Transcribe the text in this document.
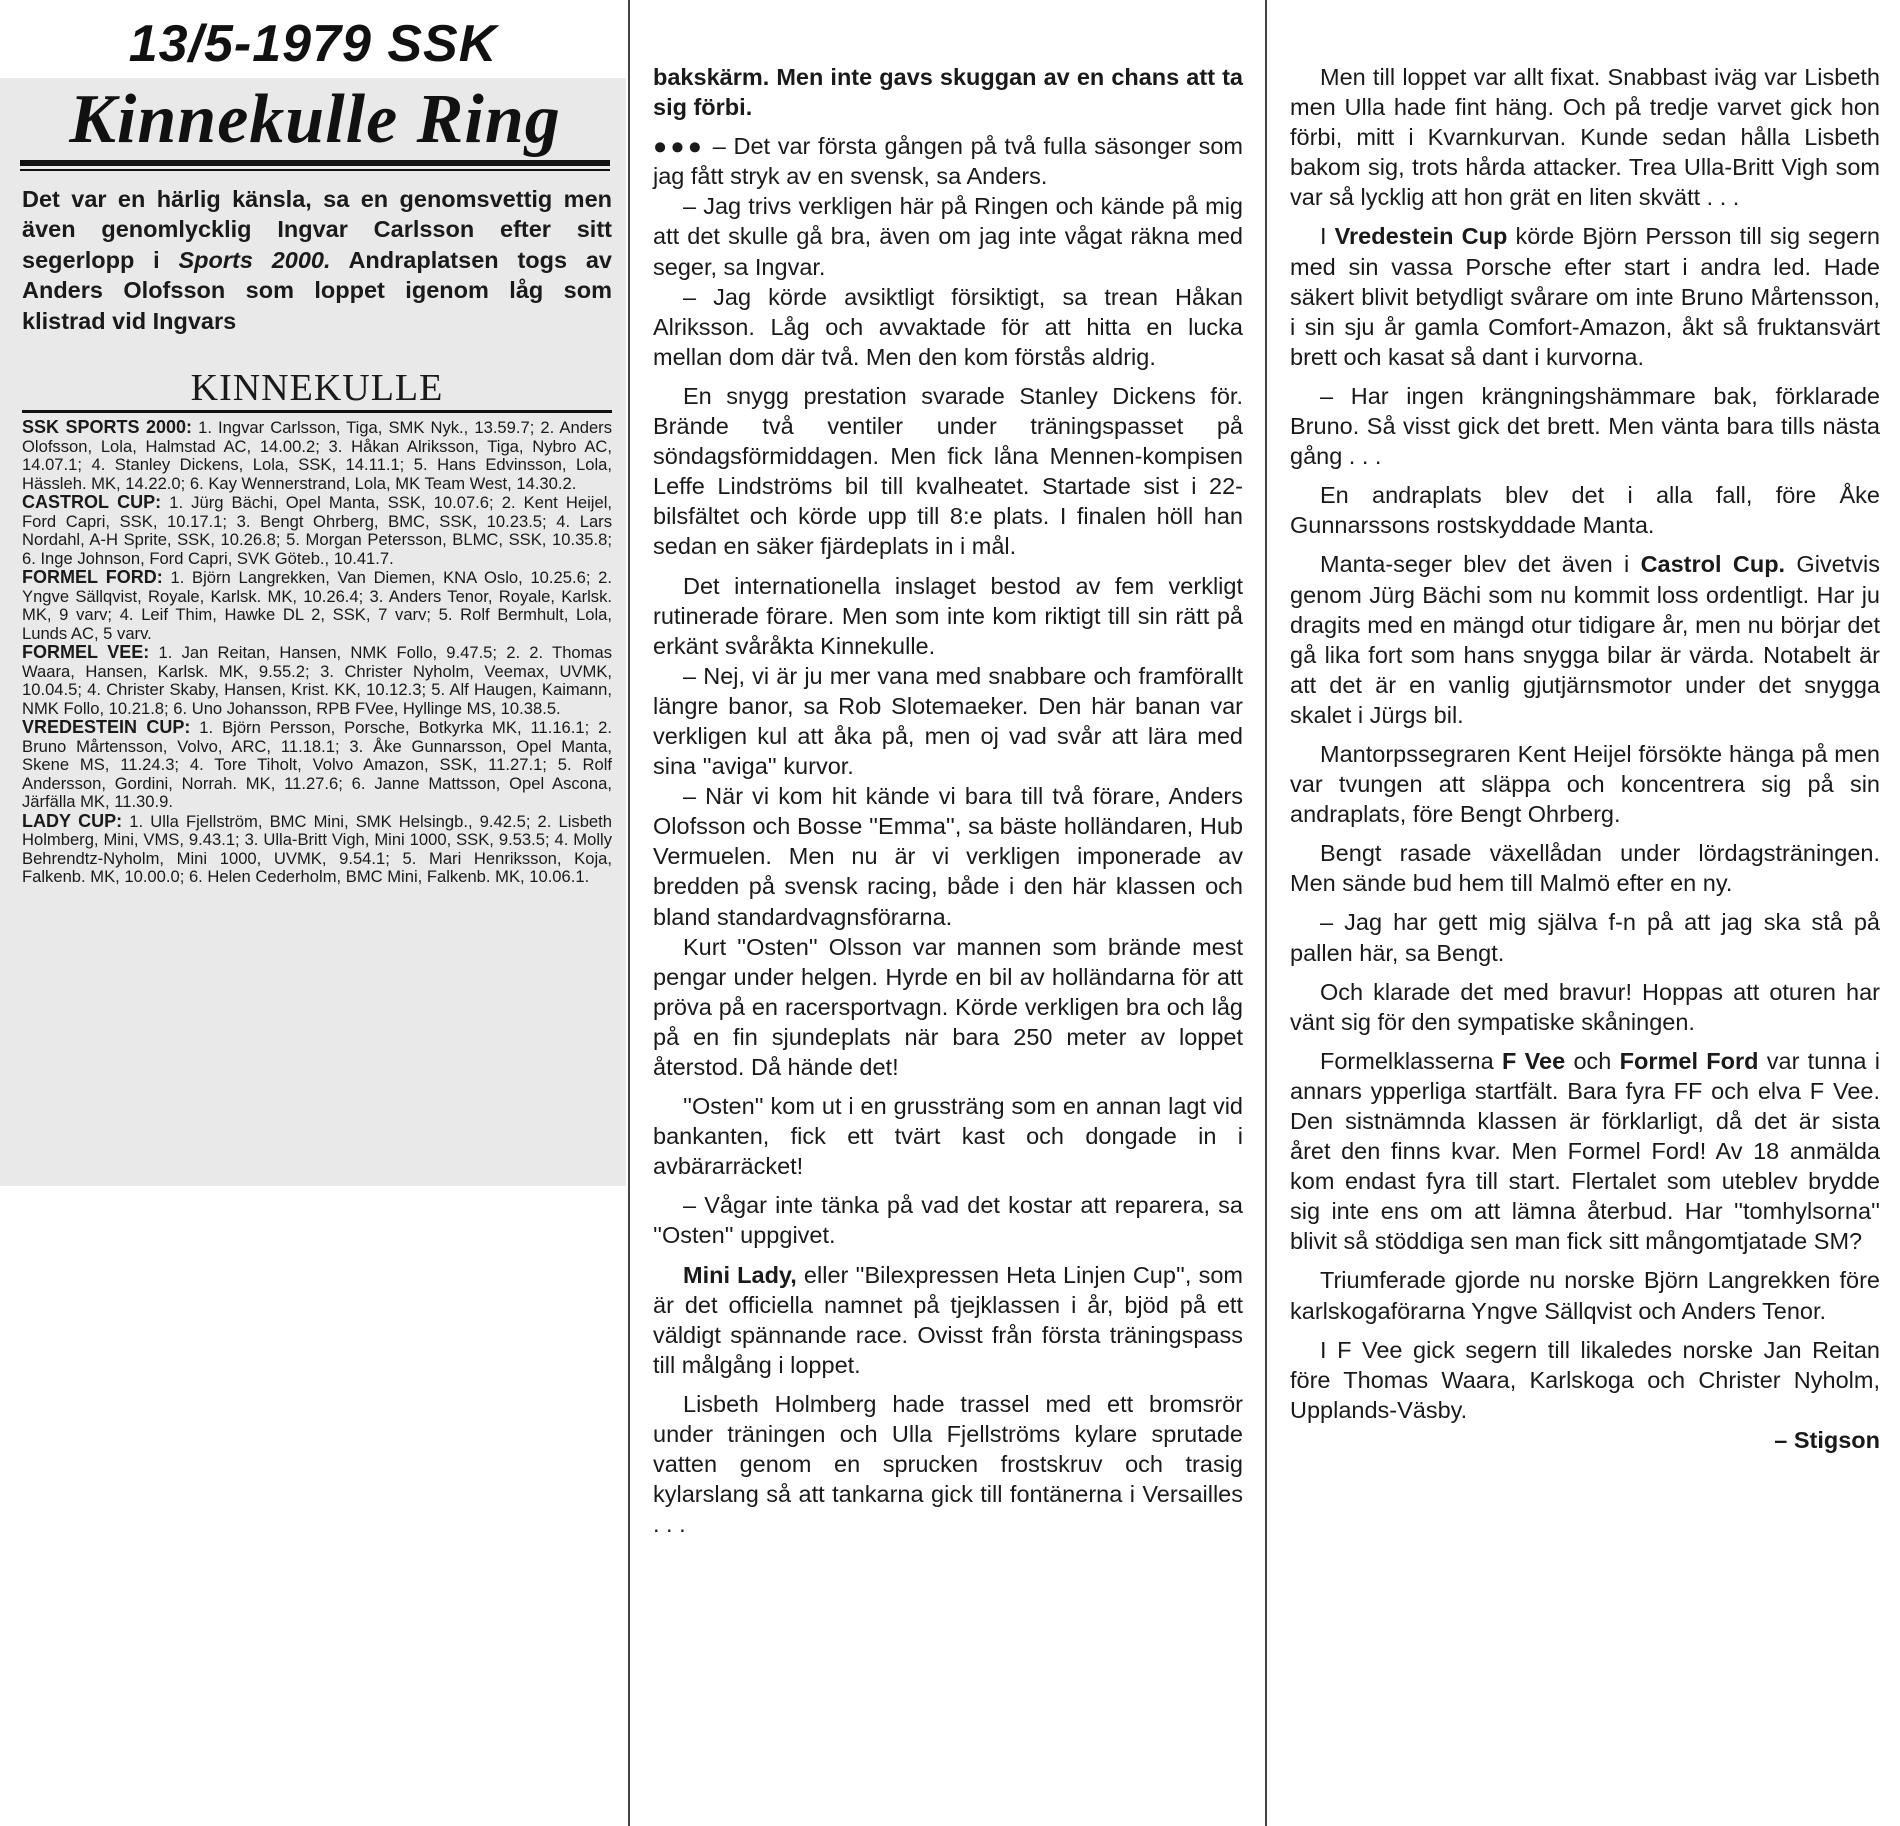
13/5-1979 SSK
Kinnekulle Ring
Det var en härlig känsla, sa en genomsvettig men även genomlycklig Ingvar Carlsson efter sitt segerlopp i Sports 2000. Andraplatsen togs av Anders Olofsson som loppet igenom låg som klistrad vid Ingvars
KINNEKULLE

SSK SPORTS 2000: 1. Ingvar Carlsson, Tiga, SMK Nyk., 13.59.7; 2. Anders Olofsson, Lola, Halmstad AC, 14.00.2; 3. Håkan Alriksson, Tiga, Nybro AC, 14.07.1; 4. Stanley Dickens, Lola, SSK, 14.11.1; 5. Hans Edvinsson, Lola, Hässleh. MK, 14.22.0; 6. Kay Wennerstrand, Lola, MK Team West, 14.30.2.

CASTROL CUP: 1. Jürg Bächi, Opel Manta, SSK, 10.07.6; 2. Kent Heijel, Ford Capri, SSK, 10.17.1; 3. Bengt Ohrberg, BMC, SSK, 10.23.5; 4. Lars Nordahl, A-H Sprite, SSK, 10.26.8; 5. Morgan Petersson, BLMC, SSK, 10.35.8; 6. Inge Johnson, Ford Capri, SVK Göteb., 10.41.7.

FORMEL FORD: 1. Björn Langrekken, Van Diemen, KNA Oslo, 10.25.6; 2. Yngve Sällqvist, Royale, Karlsk. MK, 10.26.4; 3. Anders Tenor, Royale, Karlsk. MK, 9 varv; 4. Leif Thim, Hawke DL 2, SSK, 7 varv; 5. Rolf Bermhult, Lola, Lunds AC, 5 varv.

FORMEL VEE: 1. Jan Reitan, Hansen, NMK Follo, 9.47.5; 2. 2. Thomas Waara, Hansen, Karlsk. MK, 9.55.2; 3. Christer Nyholm, Veemax, UVMK, 10.04.5; 4. Christer Skaby, Hansen, Krist. KK, 10.12.3; 5. Alf Haugen, Kaimann, NMK Follo, 10.21.8; 6. Uno Johansson, RPB FVee, Hyllinge MS, 10.38.5.

VREDESTEIN CUP: 1. Björn Persson, Porsche, Botkyrka MK, 11.16.1; 2. Bruno Mårtensson, Volvo, ARC, 11.18.1; 3. Åke Gunnarsson, Opel Manta, Skene MS, 11.24.3; 4. Tore Tiholt, Volvo Amazon, SSK, 11.27.1; 5. Rolf Andersson, Gordini, Norrah. MK, 11.27.6; 6. Janne Mattsson, Opel Ascona, Järfälla MK, 11.30.9.

LADY CUP: 1. Ulla Fjellström, BMC Mini, SMK Helsingb., 9.42.5; 2. Lisbeth Holmberg, Mini, VMS, 9.43.1; 3. Ulla-Britt Vigh, Mini 1000, SSK, 9.53.5; 4. Molly Behrendtz-Nyholm, Mini 1000, UVMK, 9.54.1; 5. Mari Henriksson, Koja, Falkenb. MK, 10.00.0; 6. Helen Cederholm, BMC Mini, Falkenb. MK, 10.06.1.

bakskärm. Men inte gavs skuggan av en chans att ta sig förbi.

●●● – Det var första gången på två fulla säsonger som jag fått stryk av en svensk, sa Anders.

– Jag trivs verkligen här på Ringen och kände på mig att det skulle gå bra, även om jag inte vågat räkna med seger, sa Ingvar.

– Jag körde avsiktligt försiktigt, sa trean Håkan Alriksson. Låg och avvaktade för att hitta en lucka mellan dom där två. Men den kom förstås aldrig.

En snygg prestation svarade Stanley Dickens för. Brände två ventiler under träningspasset på söndagsförmiddagen. Men fick låna Mennen-kompisen Leffe Lindströms bil till kvalheatet. Startade sist i 22-bilsfältet och körde upp till 8:e plats. I finalen höll han sedan en säker fjärdeplats in i mål.

Det internationella inslaget bestod av fem verkligt rutinerade förare. Men som inte kom riktigt till sin rätt på erkänt svåråkta Kinnekulle.

– Nej, vi är ju mer vana med snabbare och framförallt längre banor, sa Rob Slotemaeker. Den här banan var verkligen kul att åka på, men oj vad svår att lära med sina ''aviga'' kurvor.

– När vi kom hit kände vi bara till två förare, Anders Olofsson och Bosse ''Emma'', sa bäste holländaren, Hub Vermuelen. Men nu är vi verkligen imponerade av bredden på svensk racing, både i den här klassen och bland standardvagnsförarna.

Kurt ''Osten'' Olsson var mannen som brände mest pengar under helgen. Hyrde en bil av holländarna för att pröva på en racersportvagn. Körde verkligen bra och låg på en fin sjundeplats när bara 250 meter av loppet återstod. Då hände det!

''Osten'' kom ut i en grussträng som en annan lagt vid bankanten, fick ett tvärt kast och dongade in i avbärarräcket!

– Vågar inte tänka på vad det kostar att reparera, sa ''Osten'' uppgivet.

Mini Lady, eller ''Bilexpressen Heta Linjen Cup'', som är det officiella namnet på tjejklassen i år, bjöd på ett väldigt spännande race. Ovisst från första träningspass till målgång i loppet.

Lisbeth Holmberg hade trassel med ett bromsrör under träningen och Ulla Fjellströms kylare sprutade vatten genom en sprucken frostskruv och trasig kylarslang så att tankarna gick till fontänerna i Versailles . . .

Men till loppet var allt fixat. Snabbast iväg var Lisbeth men Ulla hade fint häng. Och på tredje varvet gick hon förbi, mitt i Kvarnkurvan. Kunde sedan hålla Lisbeth bakom sig, trots hårda attacker. Trea Ulla-Britt Vigh som var så lycklig att hon grät en liten skvätt . . .

I Vredestein Cup körde Björn Persson till sig segern med sin vassa Porsche efter start i andra led. Hade säkert blivit betydligt svårare om inte Bruno Mårtensson, i sin sju år gamla Comfort-Amazon, åkt så fruktansvärt brett och kasat så dant i kurvorna.

– Har ingen krängningshämmare bak, förklarade Bruno. Så visst gick det brett. Men vänta bara tills nästa gång . . .

En andraplats blev det i alla fall, före Åke Gunnarssons rostskyddade Manta.

Manta-seger blev det även i Castrol Cup. Givetvis genom Jürg Bächi som nu kommit loss ordentligt. Har ju dragits med en mängd otur tidigare år, men nu börjar det gå lika fort som hans snygga bilar är värda. Notabelt är att det är en vanlig gjutjärnsmotor under det snygga skalet i Jürgs bil.

Mantorpssegraren Kent Heijel försökte hänga på men var tvungen att släppa och koncentrera sig på sin andraplats, före Bengt Ohrberg.

Bengt rasade växellådan under lördagsträningen. Men sände bud hem till Malmö efter en ny.

– Jag har gett mig själva f-n på att jag ska stå på pallen här, sa Bengt.

Och klarade det med bravur! Hoppas att oturen har vänt sig för den sympatiske skåningen.

Formelklasserna F Vee och Formel Ford var tunna i annars ypperliga startfält. Bara fyra FF och elva F Vee. Den sistnämnda klassen är förklarligt, då det är sista året den finns kvar. Men Formel Ford! Av 18 anmälda kom endast fyra till start. Flertalet som uteblev brydde sig inte ens om att lämna återbud. Har ''tomhylsorna'' blivit så stöddiga sen man fick sitt mångomtjatade SM?

Triumferade gjorde nu norske Björn Langrekken före karlskogaförarna Yngve Sällqvist och Anders Tenor.

I F Vee gick segern till likaledes norske Jan Reitan före Thomas Waara, Karlskoga och Christer Nyholm, Upplands-Väsby.

– Stigson
